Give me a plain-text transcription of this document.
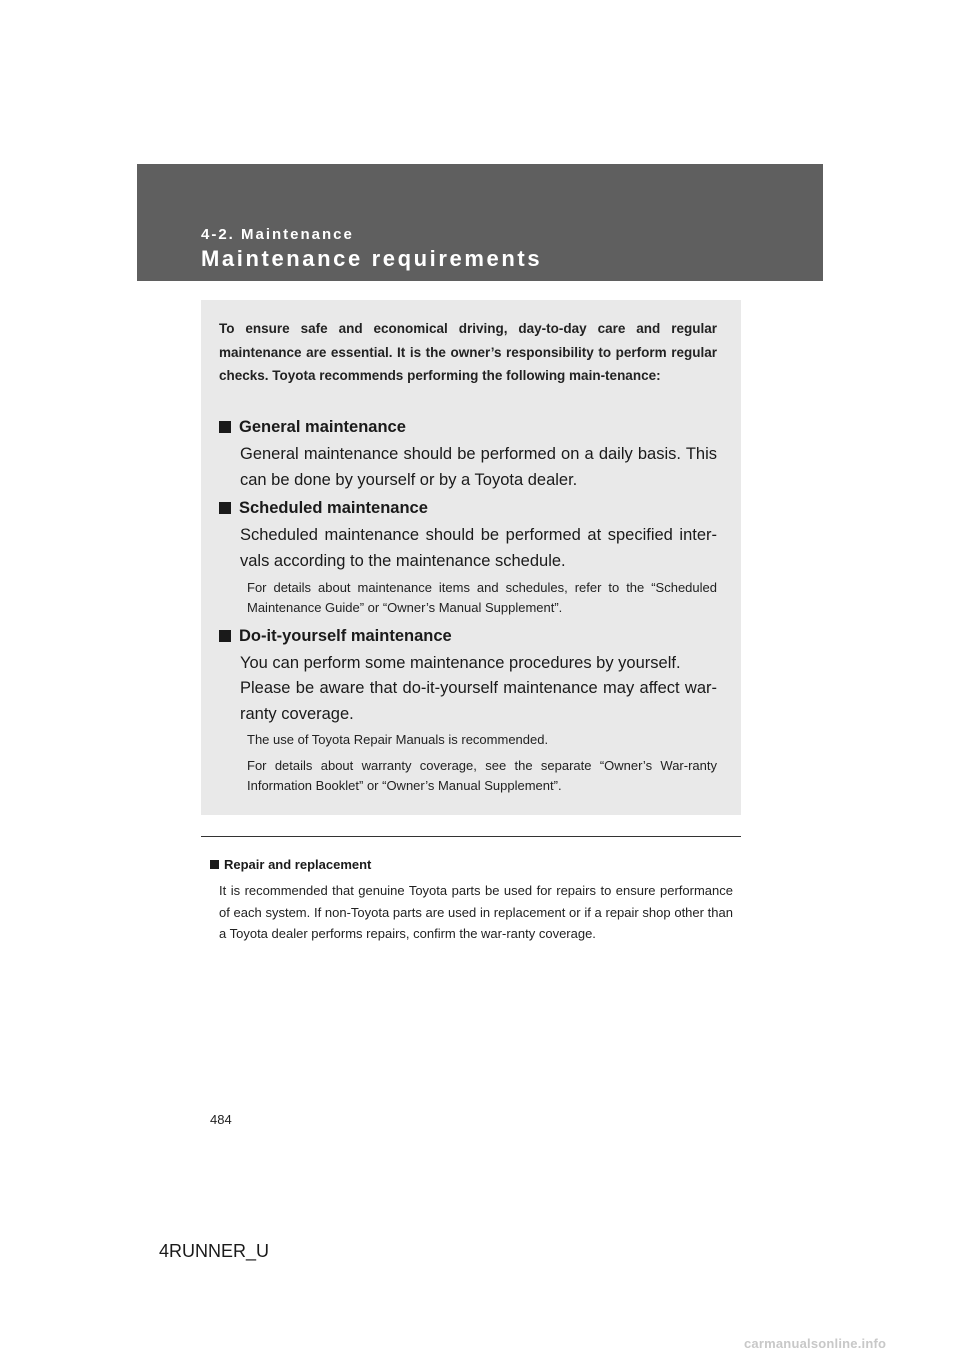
4-2. Maintenance
Maintenance requirements
To ensure safe and economical driving, day-to-day care and regular maintenance are essential. It is the owner’s responsibility to perform regular checks. Toyota recommends performing the following main-tenance:
General maintenance
General maintenance should be performed on a daily basis. This can be done by yourself or by a Toyota dealer.
Scheduled maintenance
Scheduled maintenance should be performed at specified inter-vals according to the maintenance schedule.
For details about maintenance items and schedules, refer to the “Scheduled Maintenance Guide” or “Owner’s Manual Supplement”.
Do-it-yourself maintenance
You can perform some maintenance procedures by yourself.
Please be aware that do-it-yourself maintenance may affect war-ranty coverage.
The use of Toyota Repair Manuals is recommended.
For details about warranty coverage, see the separate “Owner’s War-ranty Information Booklet” or “Owner’s Manual Supplement”.
Repair and replacement
It is recommended that genuine Toyota parts be used for repairs to ensure performance of each system. If non-Toyota parts are used in replacement or if a repair shop other than a Toyota dealer performs repairs, confirm the war-ranty coverage.
484
4RUNNER_U
carmanualsonline.info
